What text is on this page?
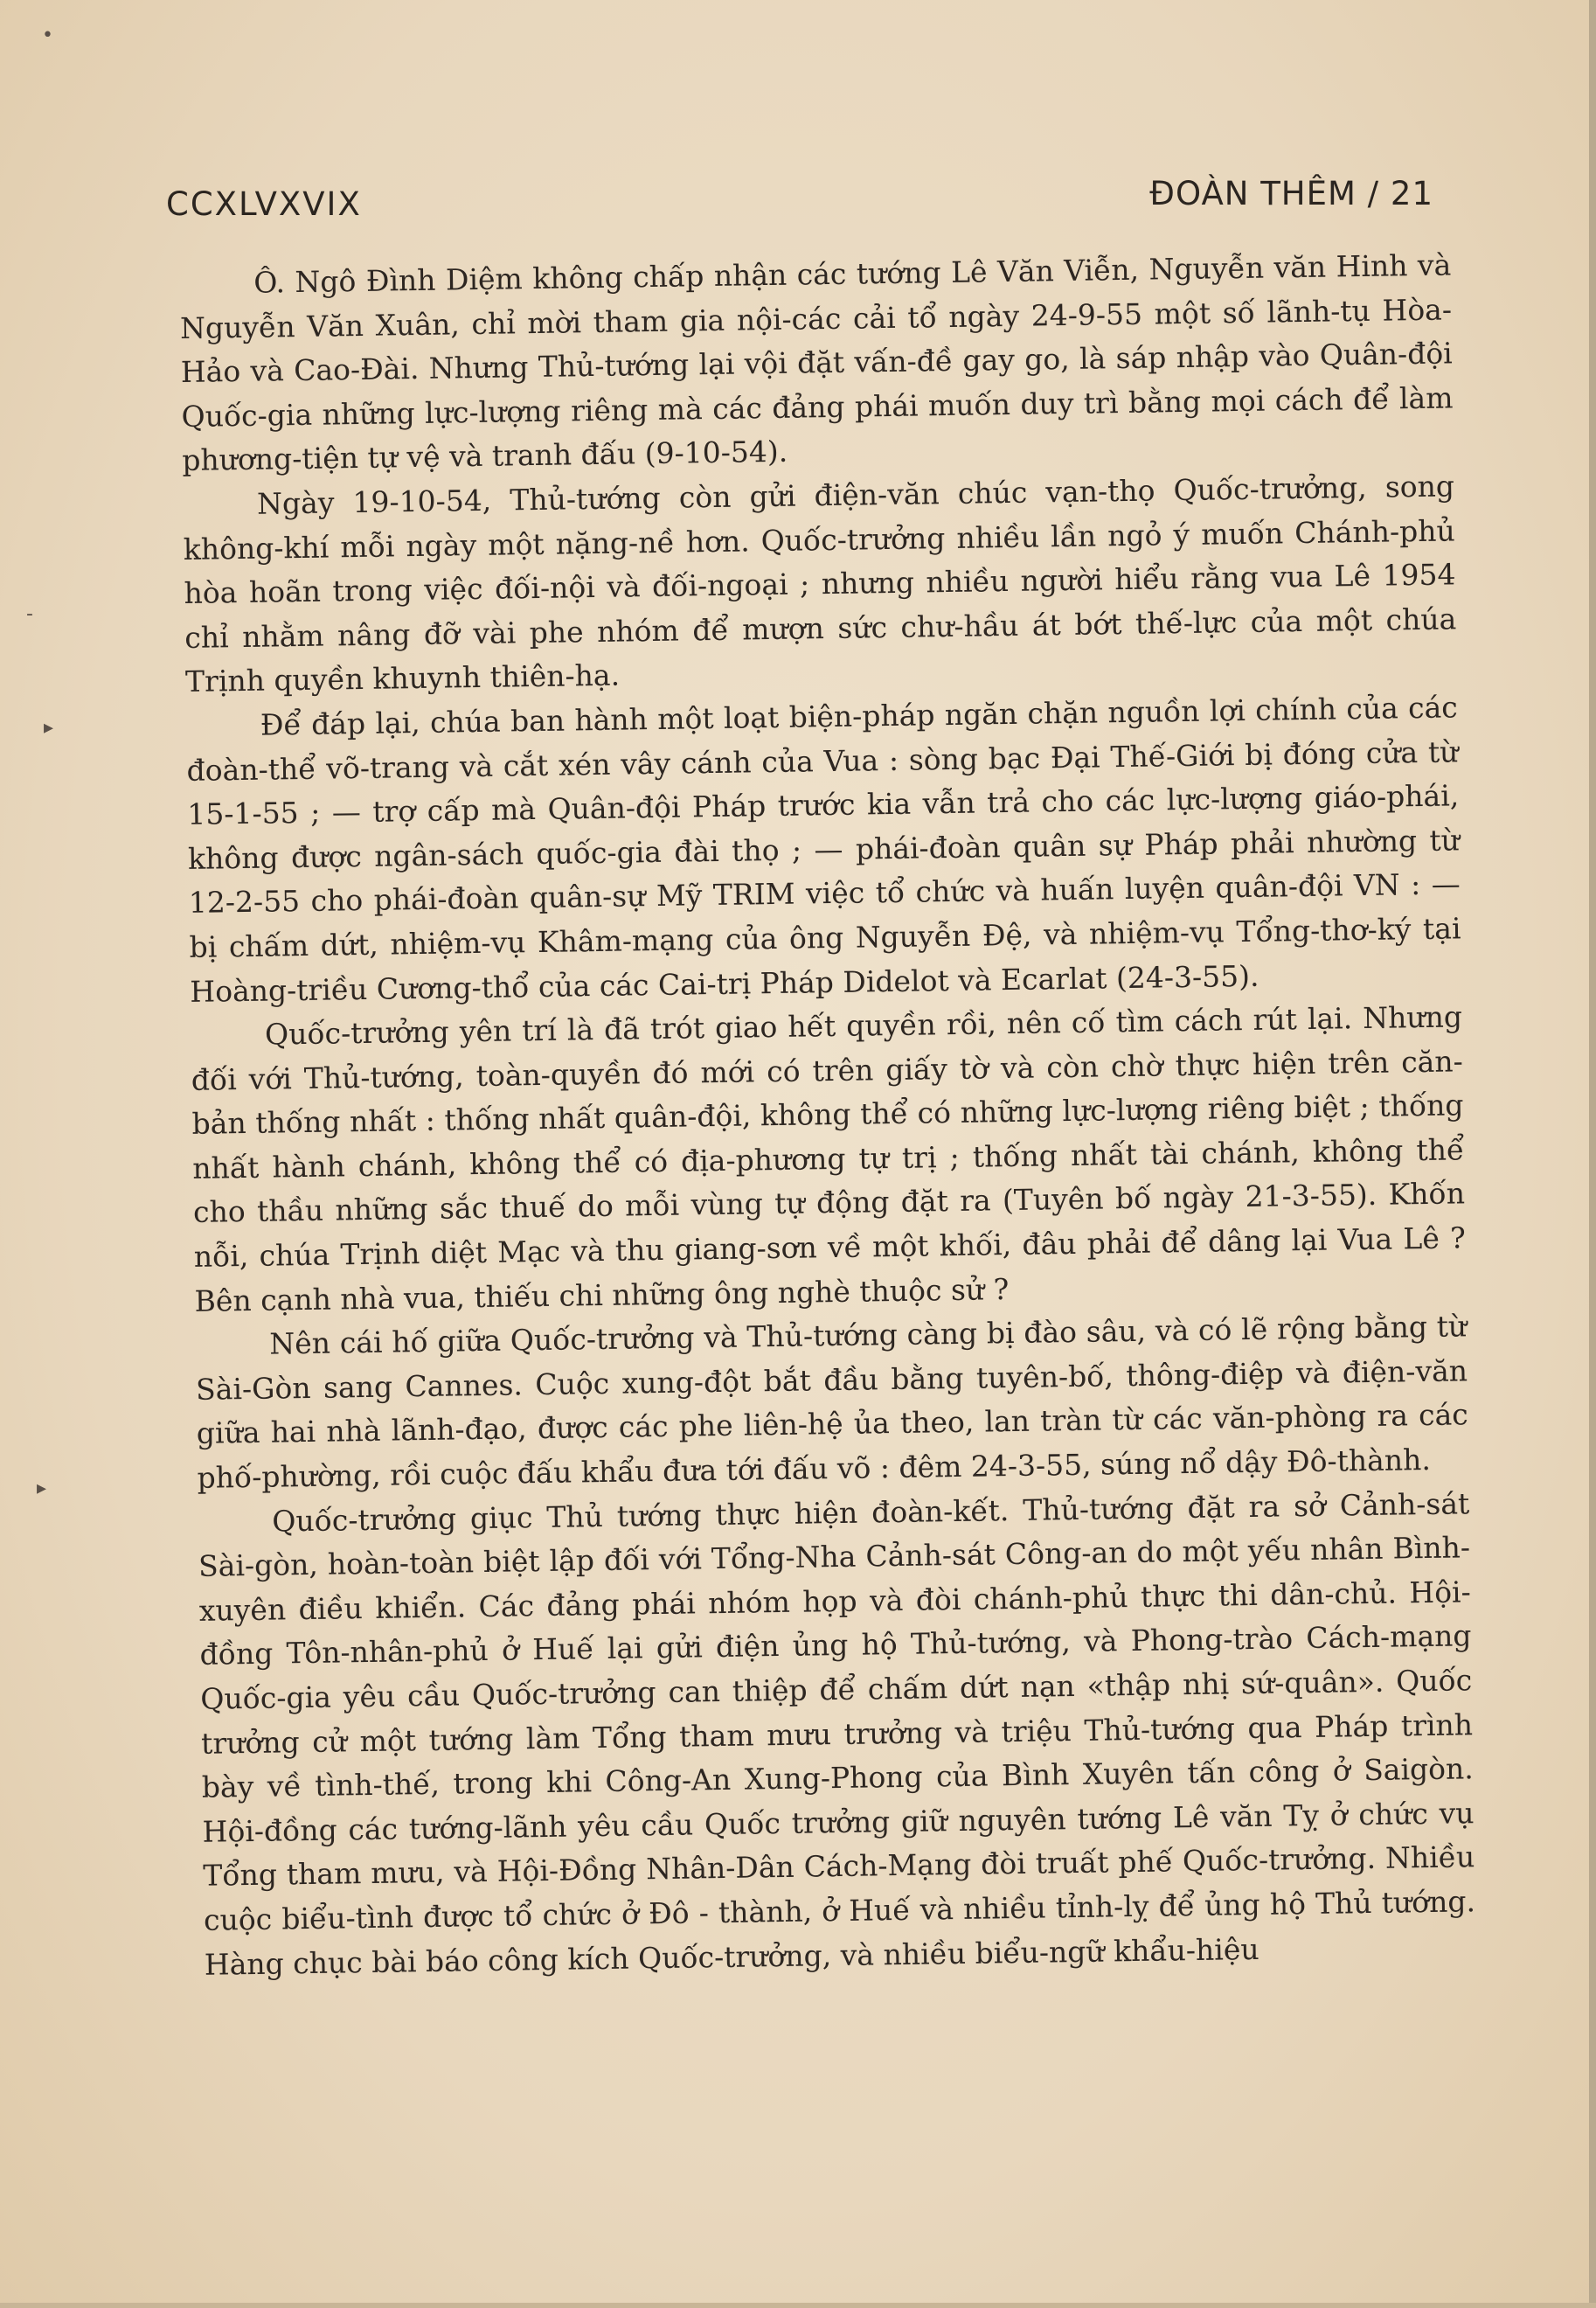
•
-
▸
▸
CCXLVXVIX	ĐOÀN THÊM / 21

Ô. Ngô Đình Diệm không chấp nhận các tướng Lê Văn Viễn, Nguyễn văn Hinh và Nguyễn Văn Xuân, chỉ mời tham gia nội-các cải tổ ngày 24-9-55 một số lãnh-tụ Hòa-Hảo và Cao-Đài. Nhưng Thủ-tướng lại vội đặt vấn-đề gay go, là sáp nhập vào Quân-đội Quốc-gia những lực-lượng riêng mà các đảng phái muốn duy trì bằng mọi cách để làm phương-tiện tự vệ và tranh đấu (9-10-54).

Ngày 19-10-54, Thủ-tướng còn gửi điện-văn chúc vạn-thọ Quốc-trưởng, song không-khí mỗi ngày một nặng-nề hơn. Quốc-trưởng nhiều lần ngỏ ý muốn Chánh-phủ hòa hoãn trong việc đối-nội và đối-ngoại ; nhưng nhiều người hiểu rằng vua Lê 1954 chỉ nhằm nâng đỡ vài phe nhóm để mượn sức chư-hầu át bớt thế-lực của một chúa Trịnh quyền khuynh thiên-hạ.

Để đáp lại, chúa ban hành một loạt biện-pháp ngăn chặn nguồn lợi chính của các đoàn-thể võ-trang và cắt xén vây cánh của Vua : sòng bạc Đại Thế-Giới bị đóng cửa từ 15-1-55 ; — trợ cấp mà Quân-đội Pháp trước kia vẫn trả cho các lực-lượng giáo-phái, không được ngân-sách quốc-gia đài thọ ; — phái-đoàn quân sự Pháp phải nhường từ 12-2-55 cho phái-đoàn quân-sự Mỹ TRIM việc tổ chức và huấn luyện quân-đội VN : — bị chấm dứt, nhiệm-vụ Khâm-mạng của ông Nguyễn Đệ, và nhiệm-vụ Tổng-thơ-ký tại Hoàng-triều Cương-thổ của các Cai-trị Pháp Didelot và Ecarlat (24-3-55).

Quốc-trưởng yên trí là đã trót giao hết quyền rồi, nên cố tìm cách rút lại. Nhưng đối với Thủ-tướng, toàn-quyền đó mới có trên giấy tờ và còn chờ thực hiện trên căn-bản thống nhất : thống nhất quân-đội, không thể có những lực-lượng riêng biệt ; thống nhất hành chánh, không thể có địa-phương tự trị ; thống nhất tài chánh, không thể cho thầu những sắc thuế do mỗi vùng tự động đặt ra (Tuyên bố ngày 21-3-55). Khốn nỗi, chúa Trịnh diệt Mạc và thu giang-sơn về một khối, đâu phải để dâng lại Vua Lê ? Bên cạnh nhà vua, thiếu chi những ông nghè thuộc sử ?

Nên cái hố giữa Quốc-trưởng và Thủ-tướng càng bị đào sâu, và có lẽ rộng bằng từ Sài-Gòn sang Cannes. Cuộc xung-đột bắt đầu bằng tuyên-bố, thông-điệp và điện-văn giữa hai nhà lãnh-đạo, được các phe liên-hệ ủa theo, lan tràn từ các văn-phòng ra các phố-phường, rồi cuộc đấu khẩu đưa tới đấu võ : đêm 24-3-55, súng nổ dậy Đô-thành.

Quốc-trưởng giục Thủ tướng thực hiện đoàn-kết. Thủ-tướng đặt ra sở Cảnh-sát Sài-gòn, hoàn-toàn biệt lập đối với Tổng-Nha Cảnh-sát Công-an do một yếu nhân Bình-xuyên điều khiển. Các đảng phái nhóm họp và đòi chánh-phủ thực thi dân-chủ. Hội-đồng Tôn-nhân-phủ ở Huế lại gửi điện ủng hộ Thủ-tướng, và Phong-trào Cách-mạng Quốc-gia yêu cầu Quốc-trưởng can thiệp để chấm dứt nạn «thập nhị sứ-quân». Quốc trưởng cử một tướng làm Tổng tham mưu trưởng và triệu Thủ-tướng qua Pháp trình bày về tình-thế, trong khi Công-An Xung-Phong của Bình Xuyên tấn công ở Saigòn. Hội-đồng các tướng-lãnh yêu cầu Quốc trưởng giữ nguyên tướng Lê văn Tỵ ở chức vụ Tổng tham mưu, và Hội-Đồng Nhân-Dân Cách-Mạng đòi truất phế Quốc-trưởng. Nhiều cuộc biểu-tình được tổ chức ở Đô - thành, ở Huế và nhiều tỉnh-lỵ để ủng hộ Thủ tướng. Hàng chục bài báo công kích Quốc-trưởng, và nhiều biểu-ngữ khẩu-hiệu
